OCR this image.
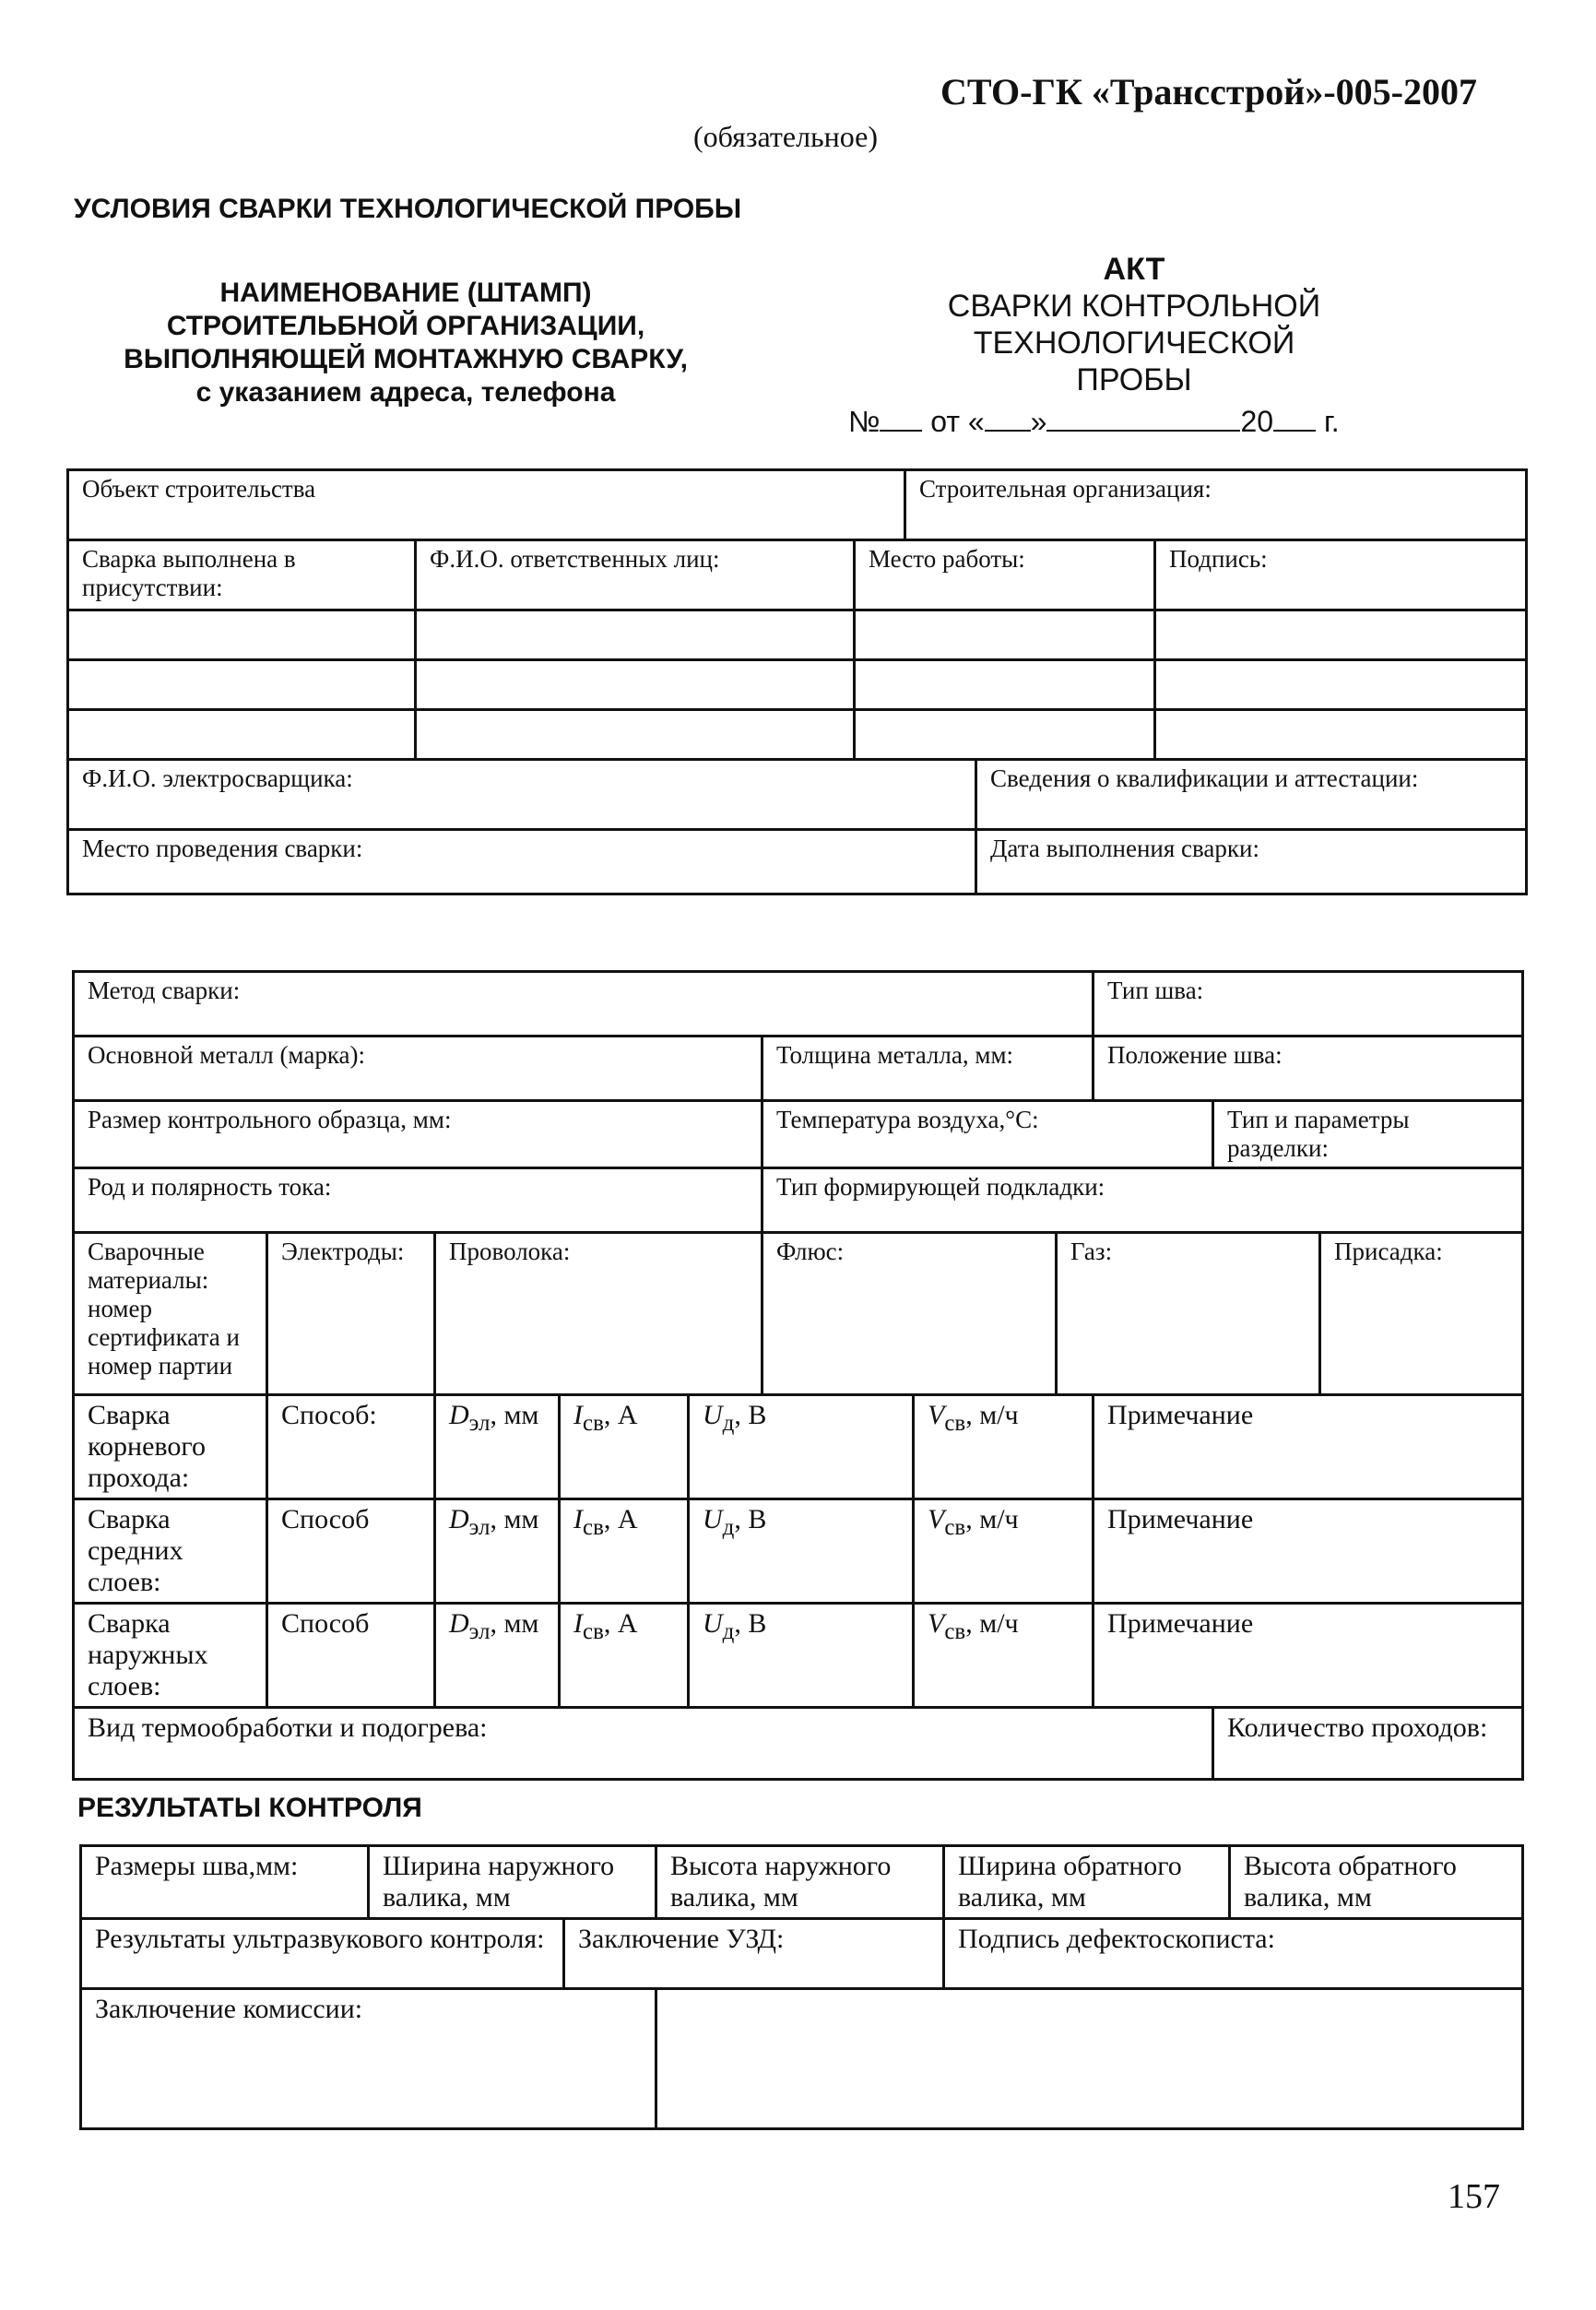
СТО-ГК «Трансстрой»-005-2007
(обязательное)
УСЛОВИЯ СВАРКИ ТЕХНОЛОГИЧЕСКОЙ ПРОБЫ
НАИМЕНОВАНИЕ (ШТАМП)
СТРОИТЕЛЬБНОЙ ОРГАНИЗАЦИИ,
ВЫПОЛНЯЮЩЕЙ МОНТАЖНУЮ СВАРКУ,
с указанием адреса, телефона
АКТ
СВАРКИ КОНТРОЛЬНОЙ
ТЕХНОЛОГИЧЕСКОЙ
ПРОБЫ
№ от « »	20 г.
Объект строительства			Строительная организация:		
Сварка выполнена в присутствии:	Ф.И.О. ответственных лиц:	Место работы:			Подпись:

Ф.И.О. электросварщика:				Сведения о квалификации и аттестации:	
Место проведения сварки:				Дата выполнения сварки:	
Метод сварки:								Тип шва:		
Основной металл (марка):					Толщина металла, мм:			Положение шва:		
Размер контрольного образца, мм:					Температура воздуха,°С:				Тип и параметры разделки:	
Род и полярность тока:					Тип формирующей подкладки:					
Сварочные материалы: номер сертификата и номер партии	Электроды:	Проволока:			Флюс:		Газ:			Присадка:
Сварка корневого прохода:	Способ:	$D_{эл}$, мм	$I_{св}$, А	$U_д$, В		$V_{св}$, м/ч		Примечание		
Сварка средних слоев:	Способ	$D_{эл}$, мм	$I_{св}$, А	$U_д$, В		$V_{св}$, м/ч		Примечание		
Сварка наружных слоев:	Способ	$D_{эл}$, мм	$I_{св}$, А	$U_д$, В		$V_{св}$, м/ч		Примечание		
Вид термообработки и подогрева:									Количество проходов:	
РЕЗУЛЬТАТЫ КОНТРОЛЯ
Размеры шва,мм:	Ширина наружного валика, мм		Высота наружного валика, мм	Ширина обратного валика, мм	Высота обратного валика, мм
Результаты ультразвукового контроля:		Заключение УЗД:		Подпись дефектоскописта:	
Заключение комиссии:					
157
